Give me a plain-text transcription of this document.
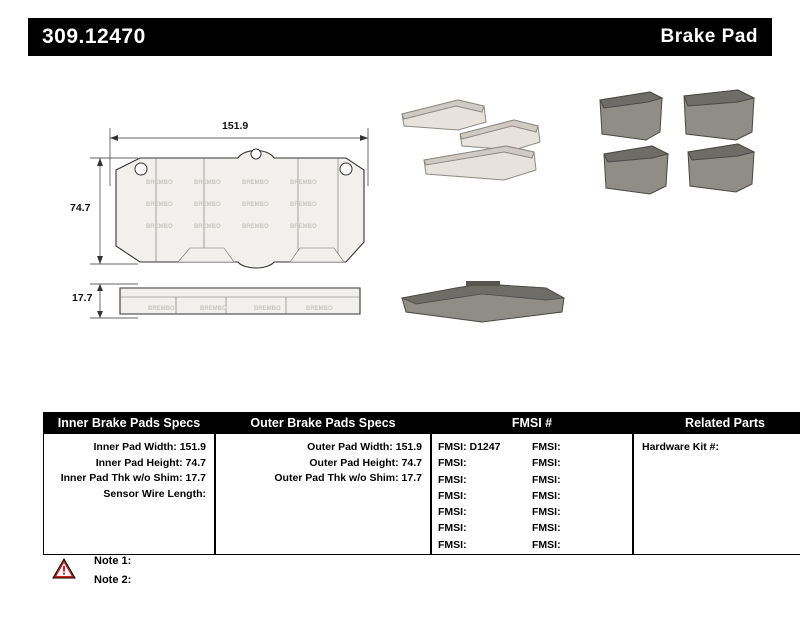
309.12470	Brake Pad
BREMBO	BREMBO	BREMBO	BREMBO
BREMBO	BREMBO	BREMBO	BREMBO
BREMBO	BREMBO	BREMBO	BREMBO
BREMBO	BREMBO	BREMBO	BREMBO
151.9
74.7
17.7
Inner Brake Pads Specs
Inner Pad Width: 151.9
Inner Pad Height: 74.7
Inner Pad Thk w/o Shim: 17.7
Sensor Wire Length:
Outer Brake Pads Specs
Outer Pad Width: 151.9
Outer Pad Height: 74.7
Outer Pad Thk w/o Shim: 17.7
FMSI #
FMSI: D1247	FMSI:
FMSI:	FMSI:
FMSI:	FMSI:
FMSI:	FMSI:
FMSI:	FMSI:
FMSI:	FMSI:
FMSI:	FMSI:
Related Parts
Hardware Kit #:
Note 1:
Note 2:
